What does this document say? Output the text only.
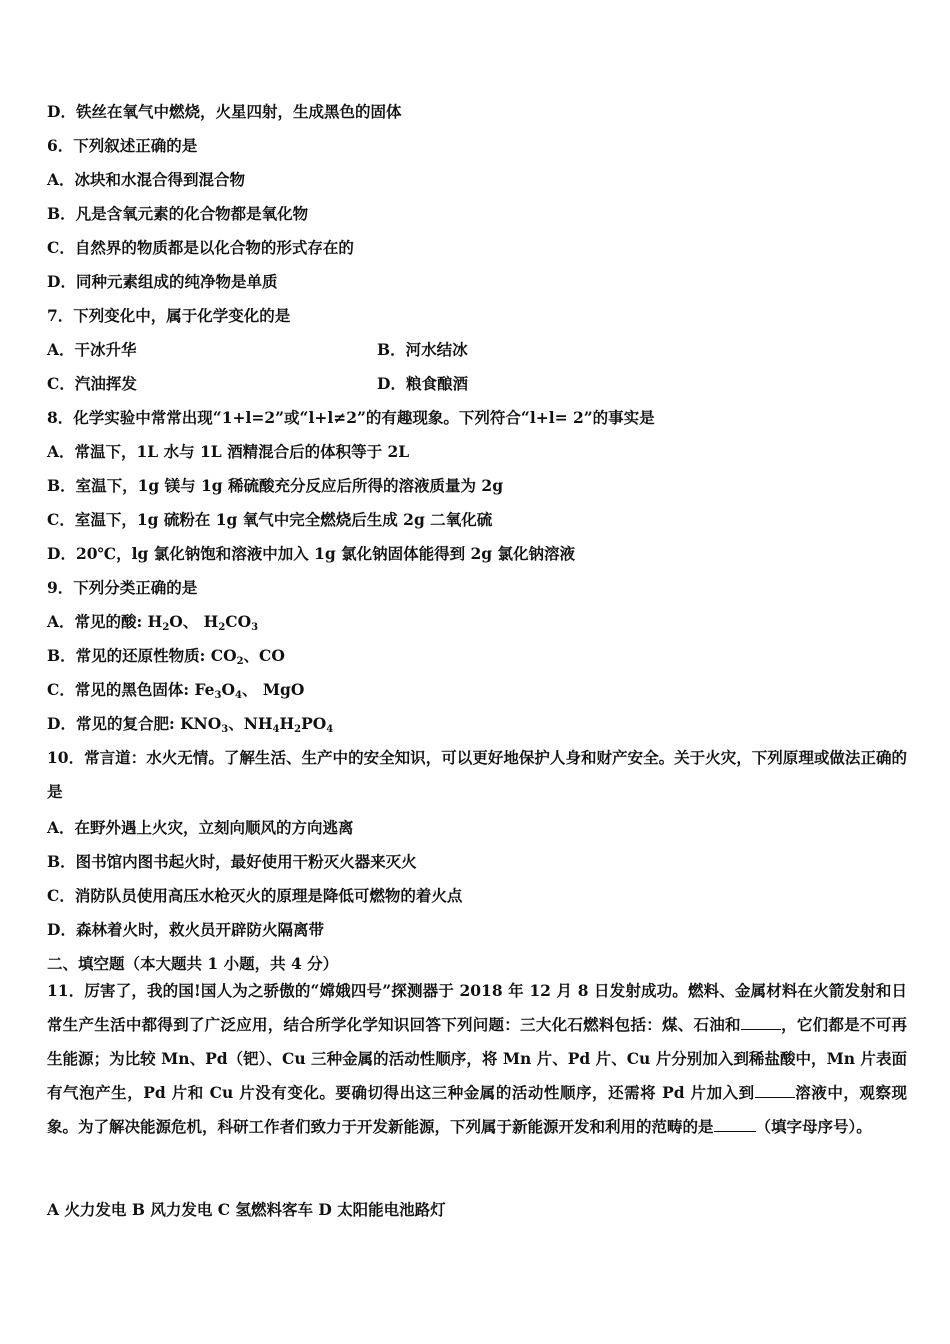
D．铁丝在氧气中燃烧，火星四射，生成黑色的固体
6．下列叙述正确的是
A．冰块和水混合得到混合物
B．凡是含氧元素的化合物都是氧化物
C．自然界的物质都是以化合物的形式存在的
D．同种元素组成的纯净物是单质
7．下列变化中，属于化学变化的是
A．干冰升华	B．河水结冰
C．汽油挥发	D．粮食酿酒
8．化学实验中常常出现“1+l=2”或“l+l≠2”的有趣现象。下列符合“l+l= 2”的事实是
A．常温下，1L 水与 1L 酒精混合后的体积等于 2L
B．室温下，1g 镁与 1g 稀硫酸充分反应后所得的溶液质量为 2g
C．室温下，1g 硫粉在 1g 氧气中完全燃烧后生成 2g 二氧化硫
D．20℃，lg 氯化钠饱和溶液中加入 1g 氯化钠固体能得到 2g 氯化钠溶液
9．下列分类正确的是
A．常见的酸: $H_2O$、 $H_2CO_3$
B．常见的还原性物质: $CO_2$、CO
C．常见的黑色固体: $Fe_3O_4$、 MgO
D．常见的复合肥: $KNO_3$、$NH_4H_2PO_4$
10．常言道：水火无情。了解生活、生产中的安全知识，可以更好地保护人身和财产安全。关于火灾，下列原理或做法正确的是
A．在野外遇上火灾，立刻向顺风的方向逃离
B．图书馆内图书起火时，最好使用干粉灭火器来灭火
C．消防队员使用高压水枪灭火的原理是降低可燃物的着火点
D．森林着火时，救火员开辟防火隔离带
二、填空题（本大题共 1 小题，共 4 分）
11．厉害了，我的国!国人为之骄傲的“嫦娥四号”探测器于 2018 年 12 月 8 日发射成功。燃料、金属材料在火箭发射和日常生产生活中都得到了广泛应用，结合所学化学知识回答下列问题：三大化石燃料包括：煤、石油和	，它们都是不可再生能源；为比较 Mn、Pd（钯）、Cu 三种金属的活动性顺序，将 Mn 片、Pd 片、Cu 片分别加入到稀盐酸中，Mn 片表面有气泡产生，Pd 片和 Cu 片没有变化。要确切得出这三种金属的活动性顺序，还需将 Pd 片加入到	溶液中，观察现象。为了解决能源危机，科研工作者们致力于开发新能源，下列属于新能源开发和利用的范畴的是	（填字母序号）。
A 火力发电 B 风力发电 C 氢燃料客车 D 太阳能电池路灯
